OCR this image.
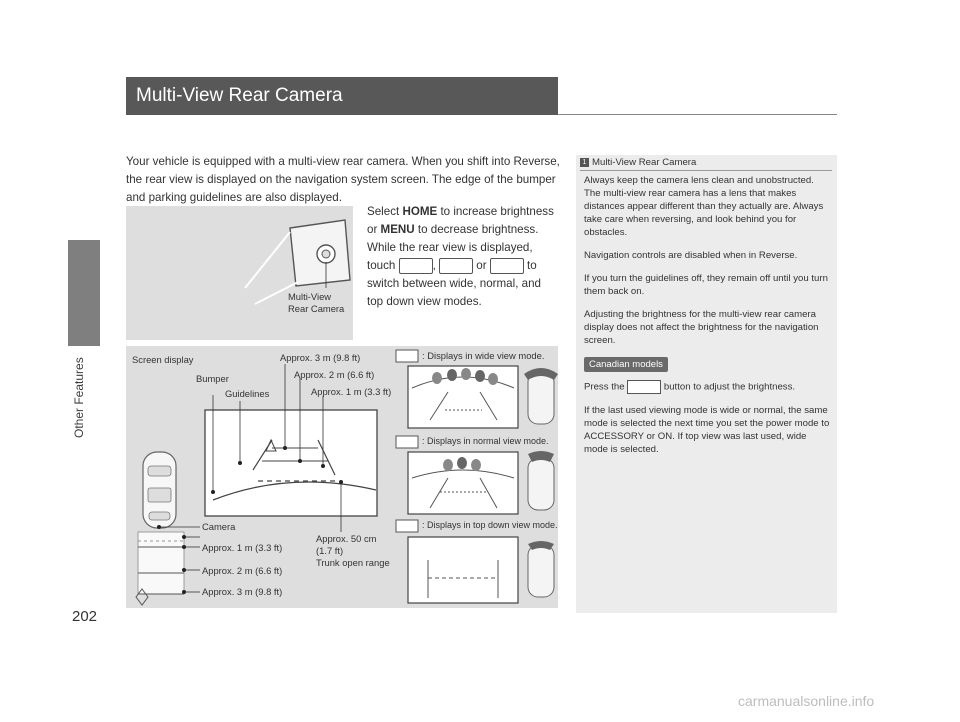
Other Features
202
Multi-View Rear Camera
Your vehicle is equipped with a multi-view rear camera. When you shift into Reverse, the rear view is displayed on the navigation system screen. The edge of the bumper and parking guidelines are also displayed.
Select HOME to increase brightness or MENU to decrease brightness. While the rear view is displayed, touch	,	or	to switch between wide, normal, and top down view modes.
Multi-View
Rear Camera
Screen display
Bumper
Guidelines
Approx. 3 m (9.8 ft)
Approx. 2 m (6.6 ft)
Approx. 1 m (3.3 ft)
Camera
Approx. 1 m (3.3 ft)
Approx. 2 m (6.6 ft)
Approx. 3 m (9.8 ft)
Approx. 50 cm
(1.7 ft)
Trunk open range
: Displays in wide view mode.
: Displays in normal view mode.
: Displays in top down view mode.
1 Multi-View Rear Camera

Always keep the camera lens clean and unobstructed. The multi-view rear camera has a lens that makes distances appear different than they actually are. Always take care when reversing, and look behind you for obstacles.

Navigation controls are disabled when in Reverse.

If you turn the guidelines off, they remain off until you turn them back on.

Adjusting the brightness for the multi-view rear camera display does not affect the brightness for the navigation screen.

Canadian models

Press the	button to adjust the brightness.

If the last used viewing mode is wide or normal, the same mode is selected the next time you set the power mode to ACCESSORY or ON. If top view was last used, wide mode is selected.

carmanualsonline.info
